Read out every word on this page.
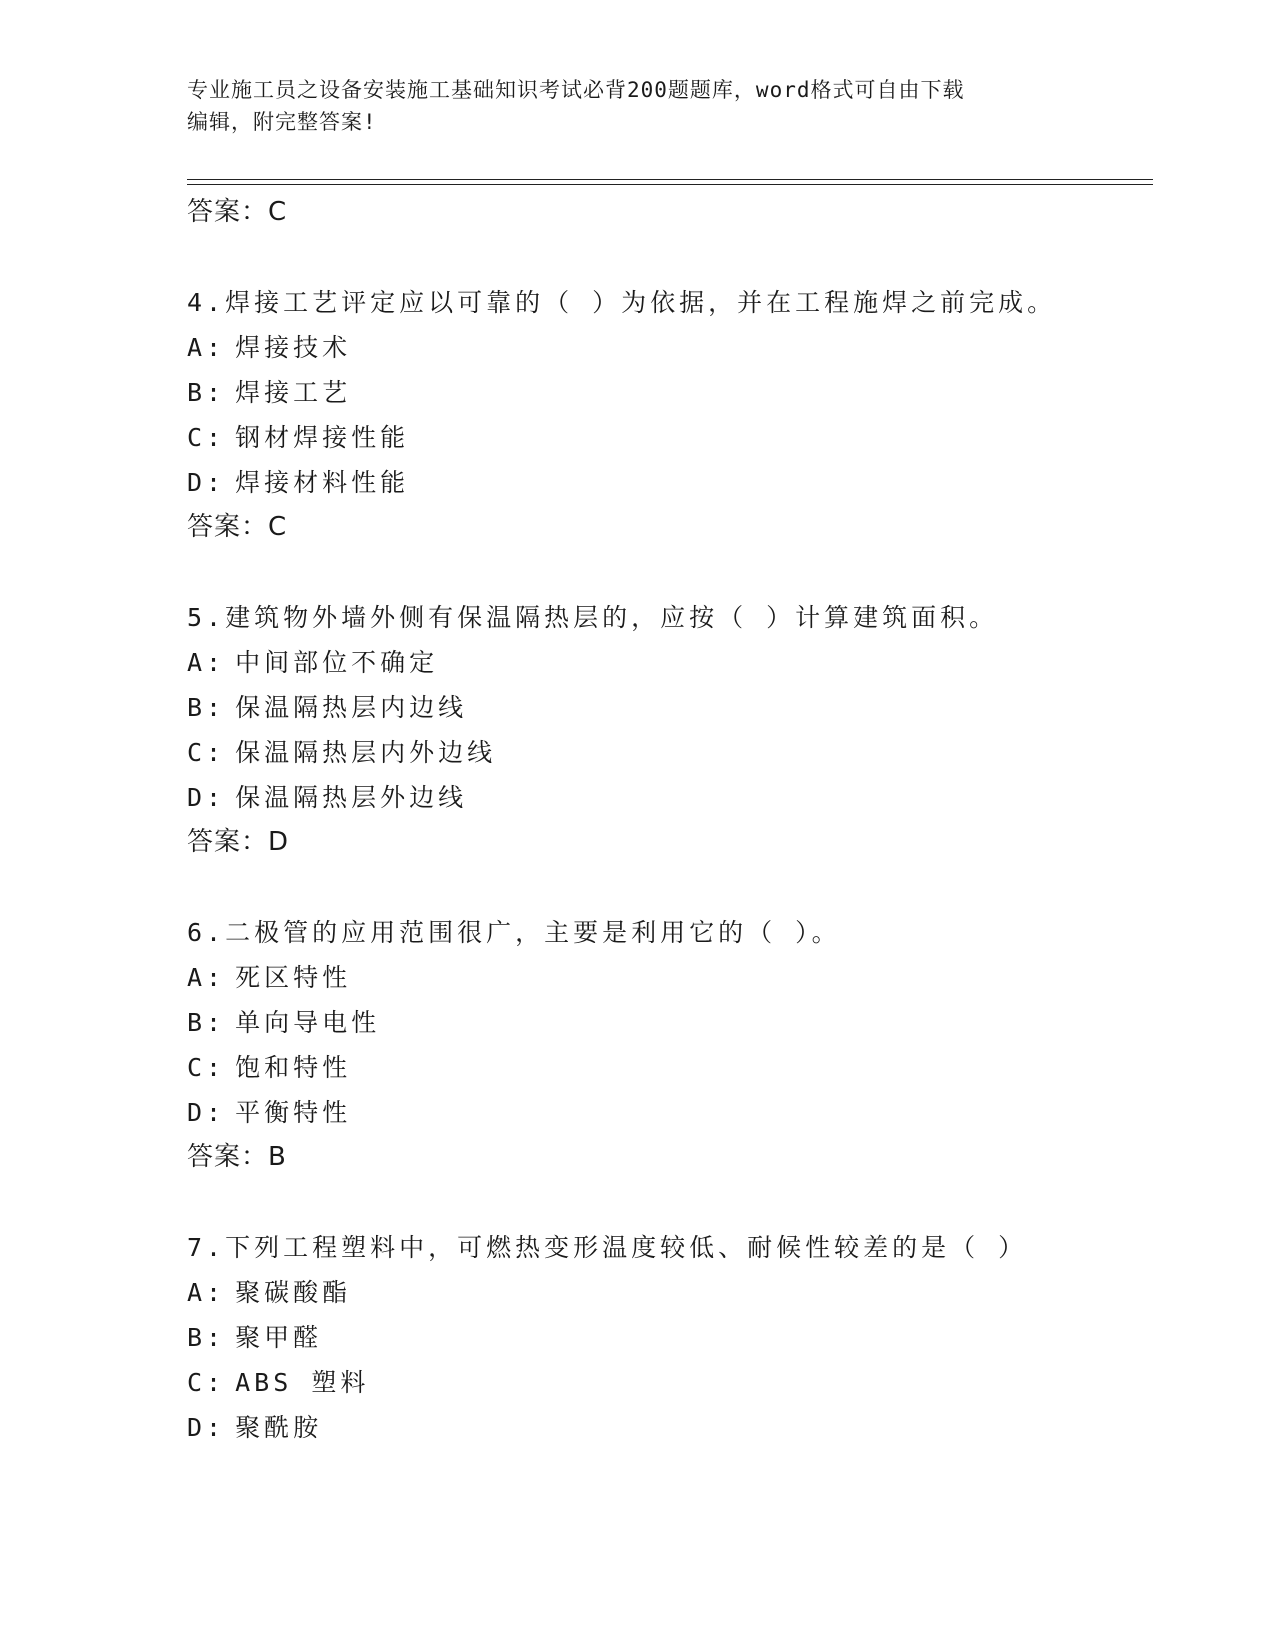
专业施工员之设备安装施工基础知识考试必背200题题库，word格式可自由下载
编辑，附完整答案!
答案：C
4.焊接工艺评定应以可靠的（ ）为依据，并在工程施焊之前完成。
A: 焊接技术
B: 焊接工艺
C: 钢材焊接性能
D: 焊接材料性能
答案：C
5.建筑物外墙外侧有保温隔热层的，应按（ ）计算建筑面积。
A: 中间部位不确定
B: 保温隔热层内边线
C: 保温隔热层内外边线
D: 保温隔热层外边线
答案：D
6.二极管的应用范围很广，主要是利用它的（ ）。
A: 死区特性
B: 单向导电性
C: 饱和特性
D: 平衡特性
答案：B
7.下列工程塑料中，可燃热变形温度较低、耐候性较差的是（ ）
A: 聚碳酸酯
B: 聚甲醛
C: ABS 塑料
D: 聚酰胺
